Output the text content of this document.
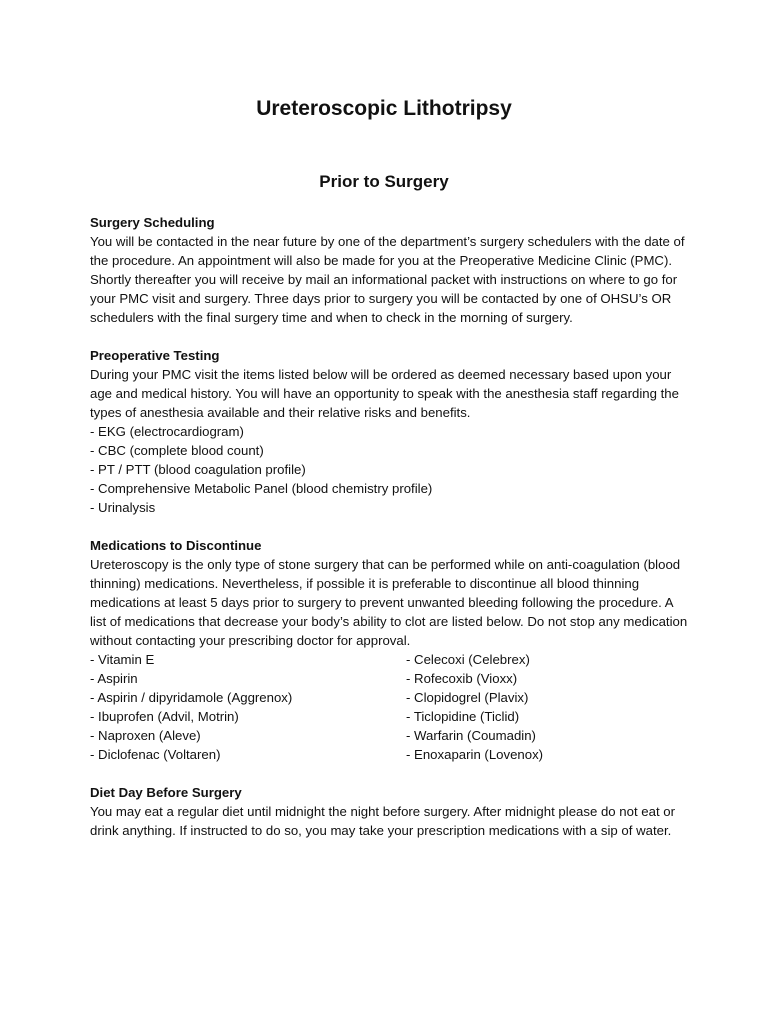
Ureteroscopic Lithotripsy
Prior to Surgery

Surgery Scheduling

You will be contacted in the near future by one of the department’s surgery schedulers with the date of the procedure. An appointment will also be made for you at the Preoperative Medicine Clinic (PMC). Shortly thereafter you will receive by mail an informational packet with instructions on where to go for your PMC visit and surgery. Three days prior to surgery you will be contacted by one of OHSU’s OR schedulers with the final surgery time and when to check in the morning of surgery.

Preoperative Testing

During your PMC visit the items listed below will be ordered as deemed necessary based upon your age and medical history. You will have an opportunity to speak with the anesthesia staff regarding the types of anesthesia available and their relative risks and benefits.

- EKG (electrocardiogram)
- CBC (complete blood count)
- PT / PTT (blood coagulation profile)
- Comprehensive Metabolic Panel (blood chemistry profile)
- Urinalysis

Medications to Discontinue

Ureteroscopy is the only type of stone surgery that can be performed while on anti-coagulation (blood thinning) medications. Nevertheless, if possible it is preferable to discontinue all blood thinning medications at least 5 days prior to surgery to prevent unwanted bleeding following the procedure. A list of medications that decrease your body’s ability to clot are listed below. Do not stop any medication without contacting your prescribing doctor for approval.

- Vitamin E
- Aspirin
- Aspirin / dipyridamole (Aggrenox)
- Ibuprofen (Advil, Motrin)
- Naproxen (Aleve)
- Diclofenac (Voltaren)
- Celecoxi (Celebrex)
- Rofecoxib (Vioxx)
- Clopidogrel (Plavix)
- Ticlopidine (Ticlid)
- Warfarin (Coumadin)
- Enoxaparin (Lovenox)

Diet Day Before Surgery

You may eat a regular diet until midnight the night before surgery. After midnight please do not eat or drink anything. If instructed to do so, you may take your prescription medications with a sip of water.
